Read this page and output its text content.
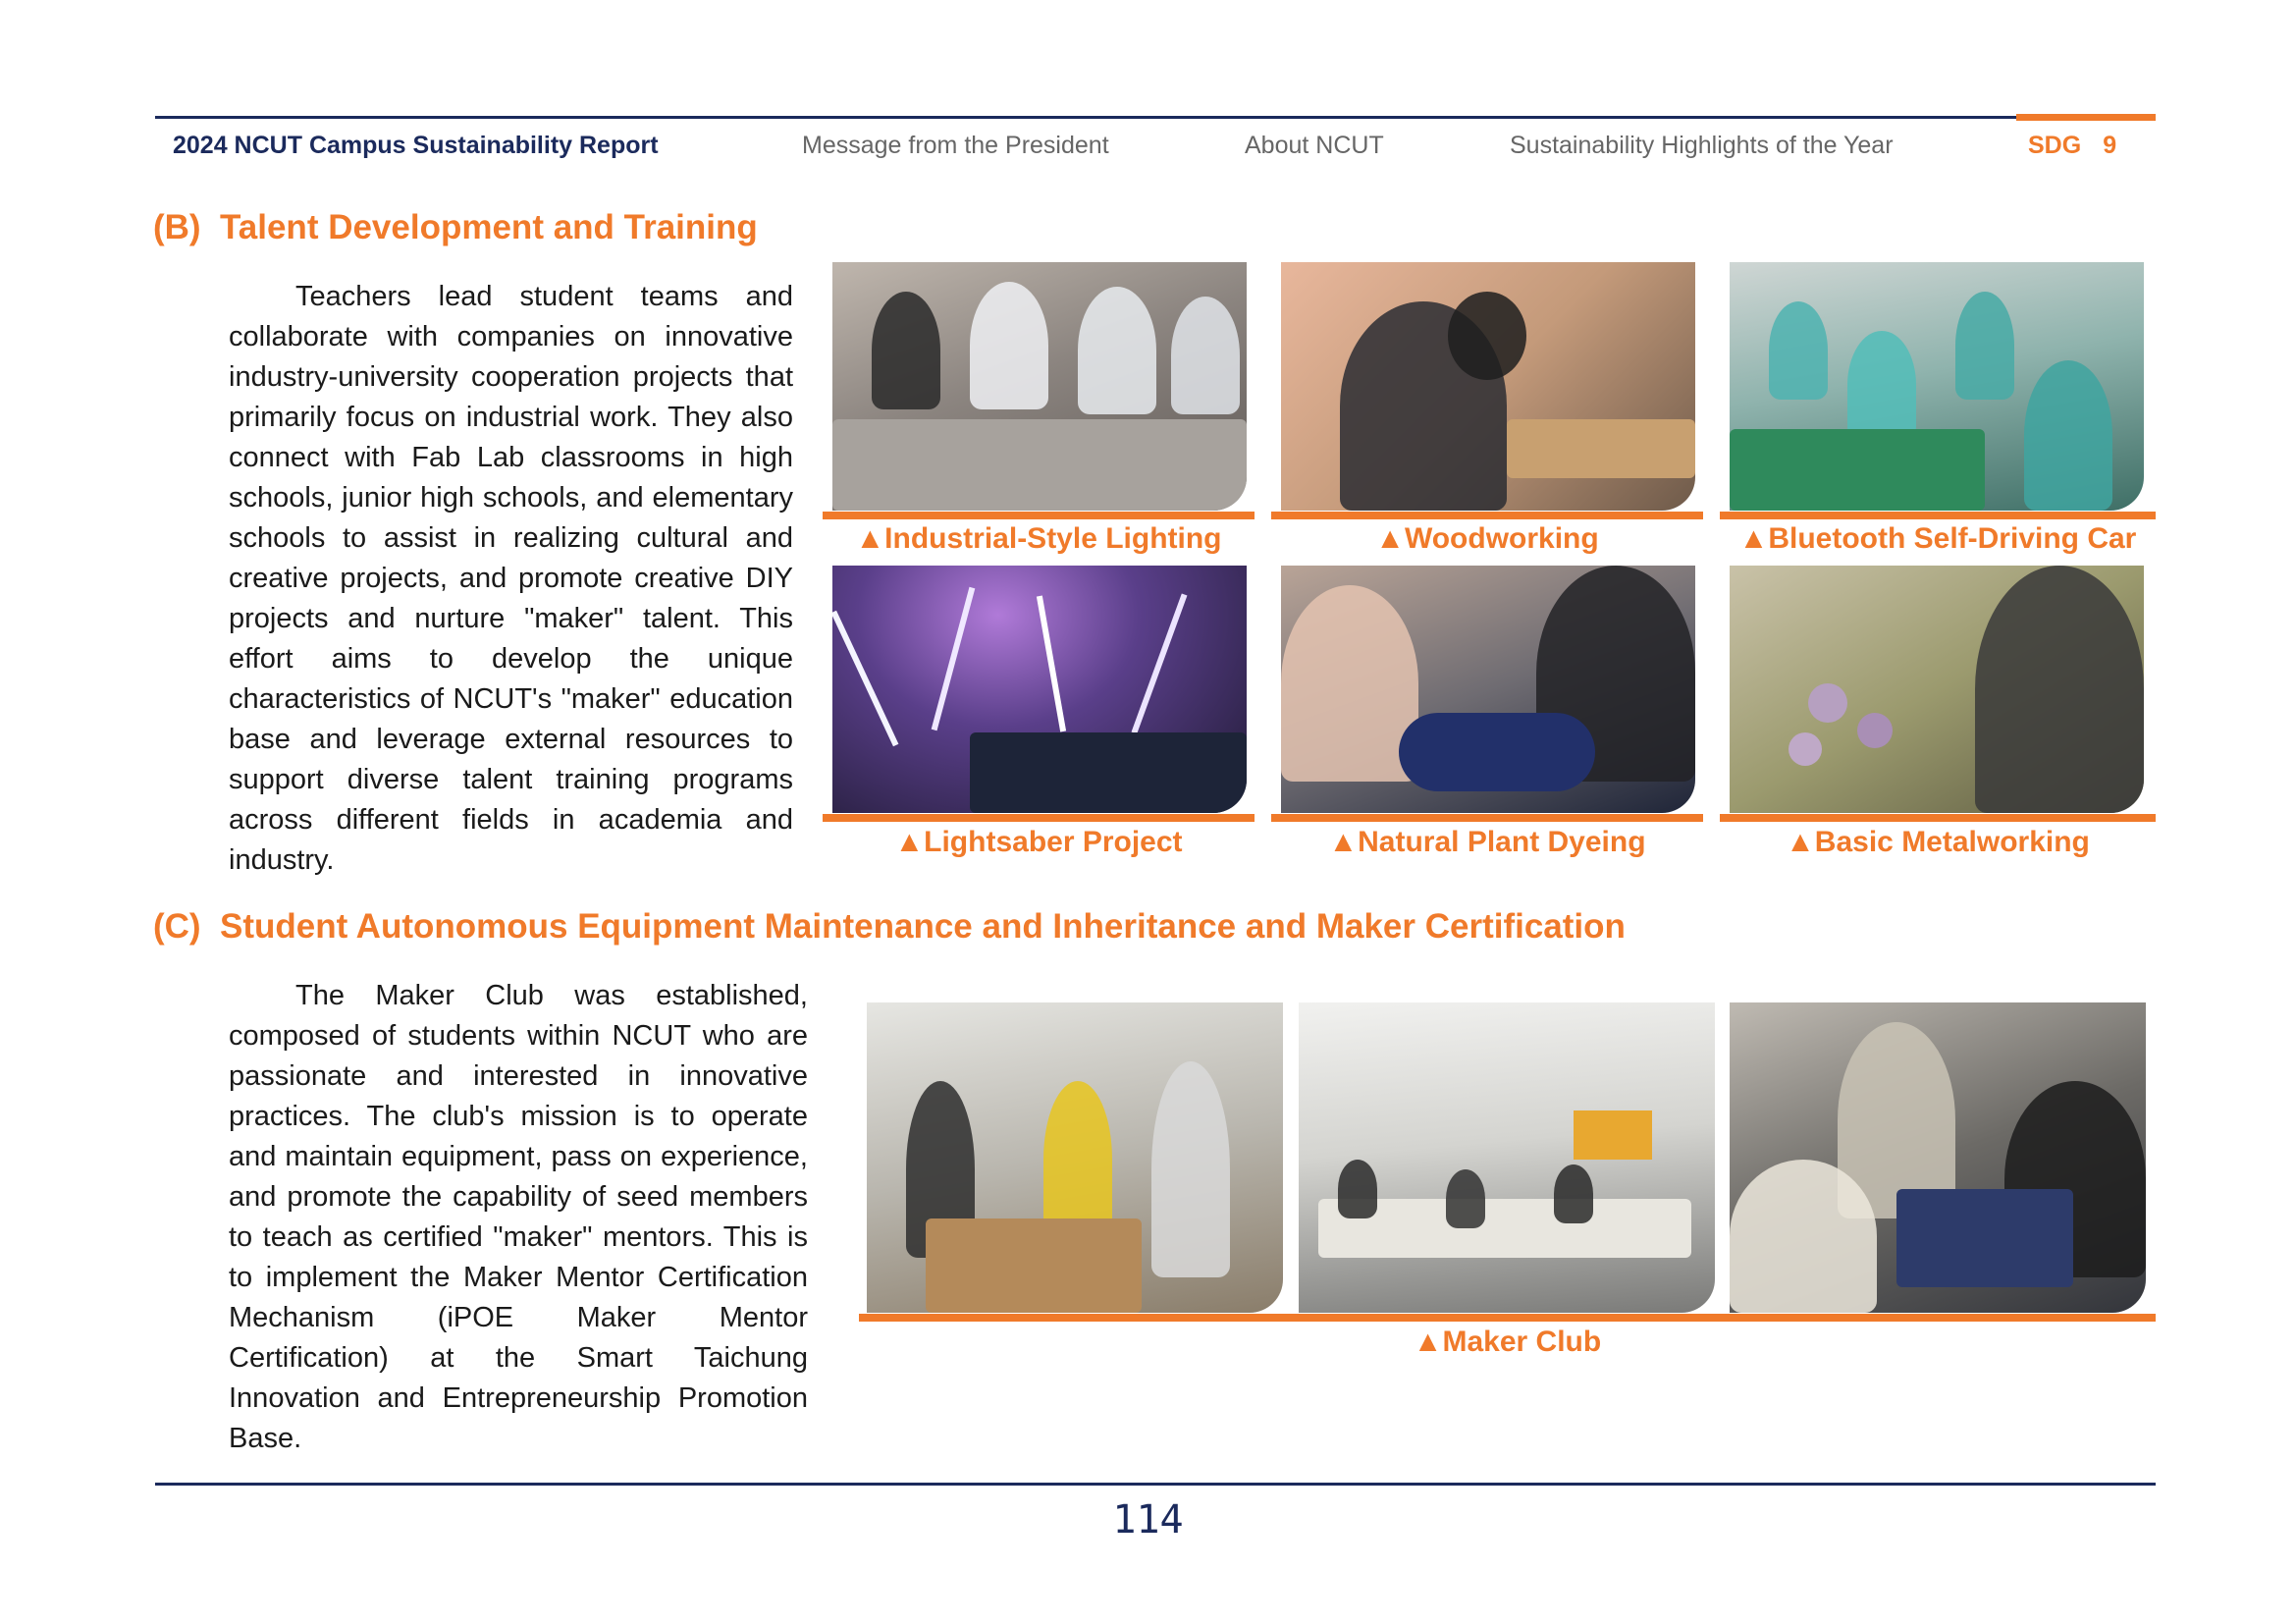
2024 NCUT Campus Sustainability Report	Message from the President	About NCUT	Sustainability Highlights of the Year	SDG 9
(B) Talent Development and Training
Teachers lead student teams and collaborate with companies on innovative industry-university cooperation projects that primarily focus on industrial work. They also connect with Fab Lab classrooms in high schools, junior high schools, and elementary schools to assist in realizing cultural and creative projects, and promote creative DIY projects and nurture "maker" talent. This effort aims to develop the unique characteristics of NCUT's "maker" education base and leverage external resources to support diverse talent training programs across different fields in academia and industry.
▲Industrial-Style Lighting	▲Woodworking	▲Bluetooth Self-Driving Car
▲Lightsaber Project	▲Natural Plant Dyeing	▲Basic Metalworking
(C) Student Autonomous Equipment Maintenance and Inheritance and Maker Certification
The Maker Club was established, composed of students within NCUT who are passionate and interested in innovative practices. The club's mission is to operate and maintain equipment, pass on experience, and promote the capability of seed members to teach as certified "maker" mentors. This is to implement the Maker Mentor Certification Mechanism (iPOE Maker Mentor Certification) at the Smart Taichung Innovation and Entrepreneurship Promotion Base.
▲Maker Club
114
